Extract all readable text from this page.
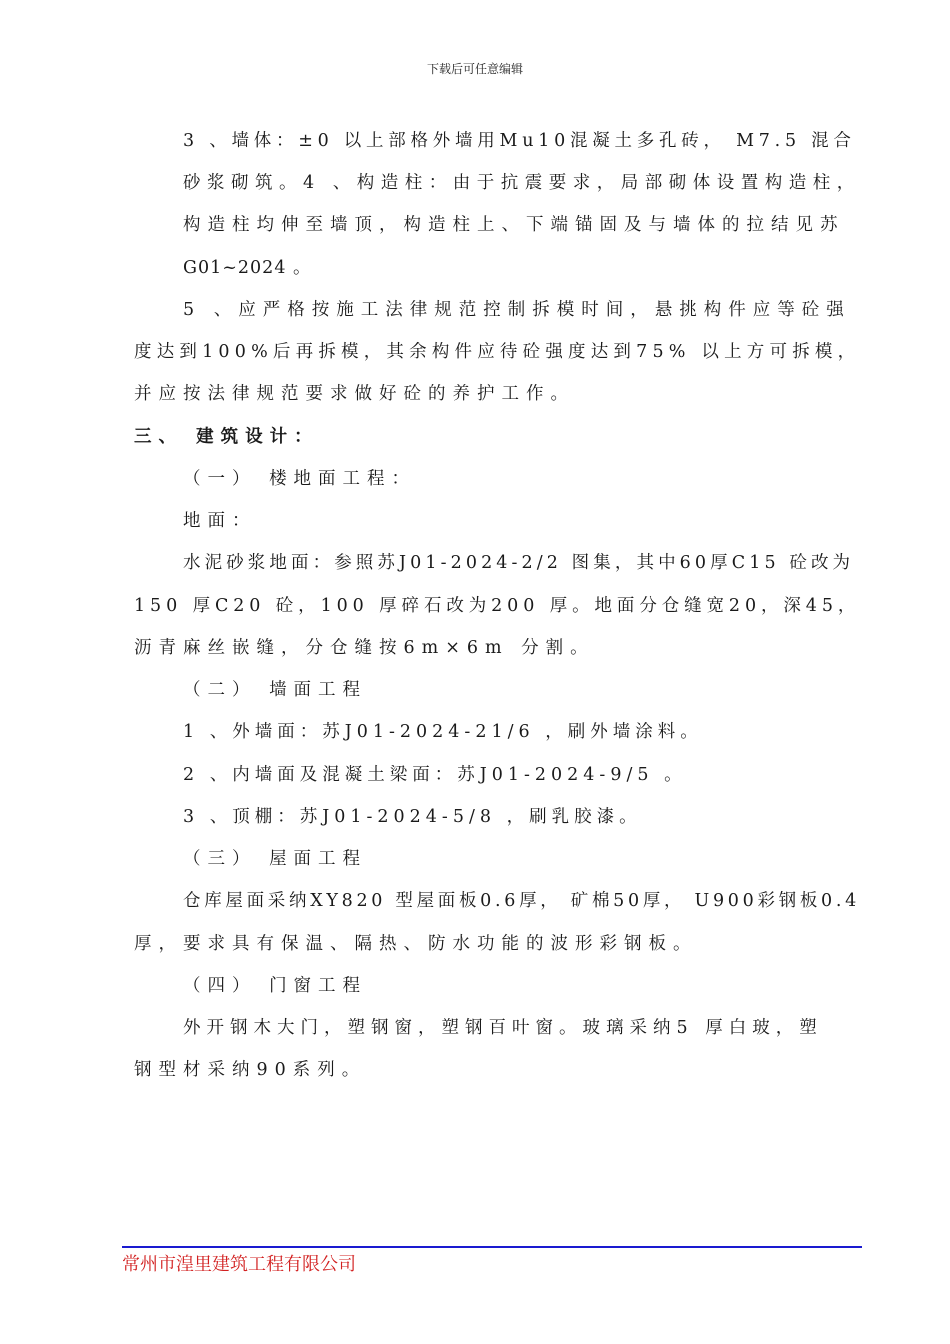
下载后可任意编辑
3 、墙体：±0 以上部格外墙用Mu10混凝土多孔砖， M7.5 混合
砂浆砌筑。4 、构造柱：由于抗震要求，局部砌体设置构造柱，
构造柱均伸至墙顶，构造柱上、下端锚固及与墙体的拉结见苏
G01~2024 。
5 、应严格按施工法律规范控制拆模时间，悬挑构件应等砼强
度达到100%后再拆模，其余构件应待砼强度达到75% 以上方可拆模，
并应按法律规范要求做好砼的养护工作。
三、 建筑设计：
（一） 楼地面工程：
地面：
水泥砂浆地面：参照苏J01-2024-2/2 图集，其中60厚C15 砼改为
150 厚C20 砼，100 厚碎石改为200 厚。地面分仓缝宽20，深45，
沥青麻丝嵌缝，分仓缝按6m×6m 分割。
（二） 墙面工程
1 、外墙面：苏J01-2024-21/6 ，刷外墙涂料。
2 、内墙面及混凝土梁面：苏J01-2024-9/5 。
3 、顶棚：苏J01-2024-5/8 ，刷乳胶漆。
（三） 屋面工程
仓库屋面采纳XY820 型屋面板0.6厚， 矿棉50厚， U900彩钢板0.4
厚，要求具有保温、隔热、防水功能的波形彩钢板。
（四） 门窗工程
外开钢木大门，塑钢窗，塑钢百叶窗。玻璃采纳5 厚白玻，塑
钢型材采纳90系列。
常州市湟里建筑工程有限公司
